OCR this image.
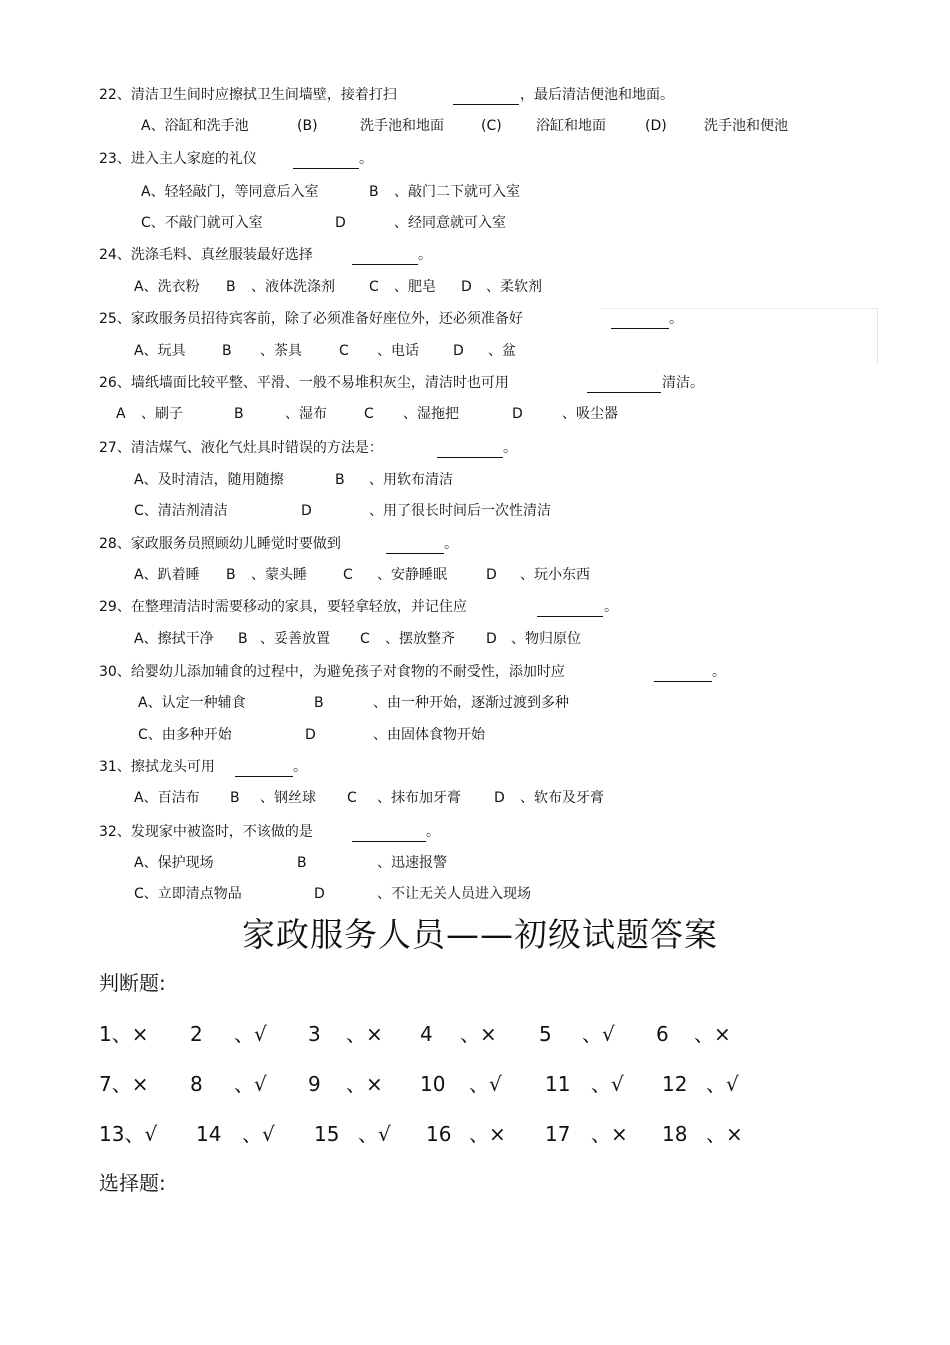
22、清洁卫生间时应擦拭卫生间墙壁，接着打扫	，最后清洁便池和地面。
A、浴缸和洗手池	(B)	洗手池和地面	(C) 浴缸和地面	(D)	洗手池和便池
23、进入主人家庭的礼仪	。
A、轻轻敲门，等同意后入室	B 、敲门二下就可入室
C、不敲门就可入室	D	、经同意就可入室
24、洗涤毛料、真丝服装最好选择	。
A、洗衣粉 B 、液体洗涤剂 C 、肥皂 D 、柔软剂
25、家政服务员招待宾客前，除了必须准备好座位外，还必须准备好	。
A、玩具	B 、茶具	C 、电话 D 、盆
26、墙纸墙面比较平整、平滑、一般不易堆积灰尘，清洁时也可用	清洁。
A 、刷子	B	、湿布	C 、湿拖把	D	、吸尘器
27、清洁煤气、液化气灶具时错误的方法是：	。
A、及时清洁，随用随擦	B 、用软布清洁
C、清洁剂清洁	D	、用了很长时间后一次性清洁
28、家政服务员照顾幼儿睡觉时要做到	。
A、趴着睡 B 、蒙头睡	C 、安静睡眠	D 、玩小东西
29、在整理清洁时需要移动的家具，要轻拿轻放，并记住应	。
A、擦拭干净 B 、妥善放置 C 、摆放整齐 D 、物归原位
30、给婴幼儿添加辅食的过程中，为避免孩子对食物的不耐受性，添加时应	。
A、认定一种辅食	B	、由一种开始，逐渐过渡到多种
C、由多种开始	D	、由固体食物开始
31、擦拭龙头可用	。
A、百洁布 B 、钢丝球 C 、抹布加牙膏 D 、软布及牙膏
32、发现家中被盗时，不该做的是	。
A、保护现场	B	、迅速报警
C、立即清点物品	D	、不让无关人员进入现场
家政服务人员——初级试题答案
判断题:
1、× 2 、√ 3 、× 4 、× 5 、√ 6 、×
7、× 8 、√ 9 、× 10 、√ 11 、√ 12 、√
13、√ 14 、√ 15 、√ 16 、× 17 、× 18 、×
选择题:
